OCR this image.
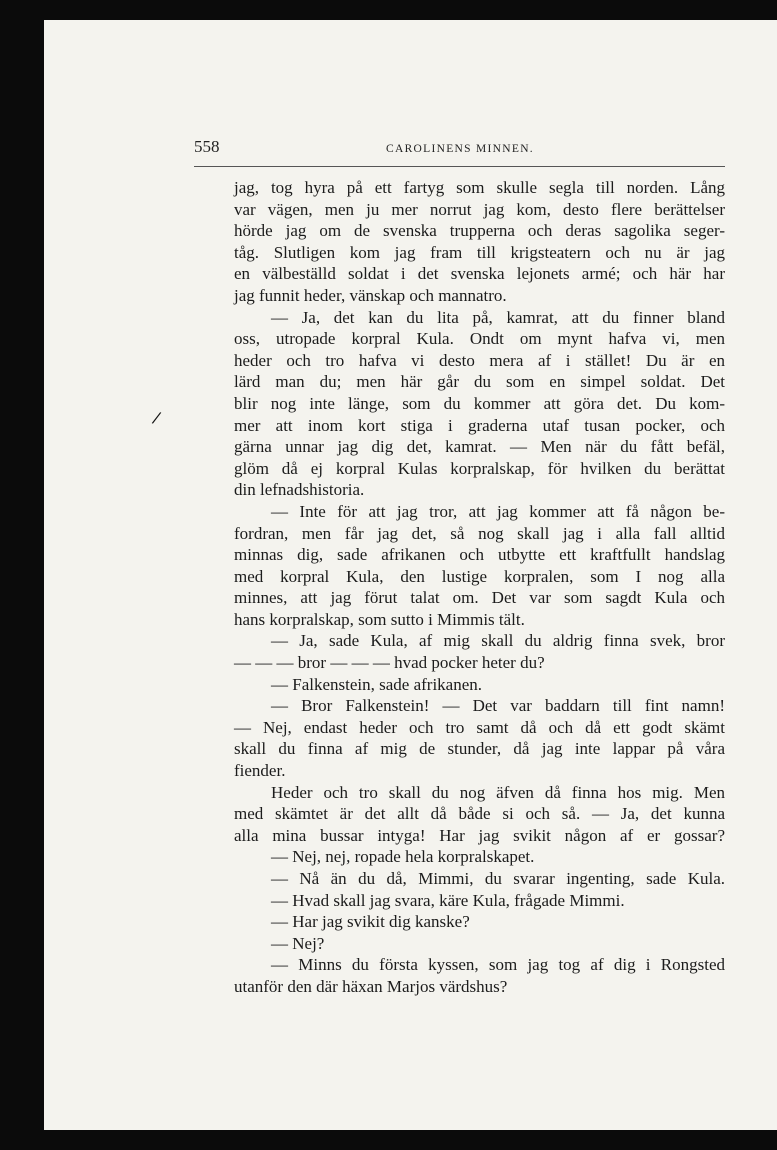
558	CAROLINENS MINNEN.
jag, tog hyra på ett fartyg som skulle segla till norden. Lång
var vägen, men ju mer norrut jag kom, desto flere berättelser
hörde jag om de svenska trupperna och deras sagolika seger-
tåg. Slutligen kom jag fram till krigsteatern och nu är jag
en välbeställd soldat i det svenska lejonets armé; och här har
jag funnit heder, vänskap och mannatro.
— Ja, det kan du lita på, kamrat, att du finner bland
oss, utropade korpral Kula. Ondt om mynt hafva vi, men
heder och tro hafva vi desto mera af i stället! Du är en
lärd man du; men här går du som en simpel soldat. Det
blir nog inte länge, som du kommer att göra det. Du kom-
mer att inom kort stiga i graderna utaf tusan pocker, och
gärna unnar jag dig det, kamrat. — Men när du fått befäl,
glöm då ej korpral Kulas korpralskap, för hvilken du berättat
din lefnadshistoria.
— Inte för att jag tror, att jag kommer att få någon be-
fordran, men får jag det, så nog skall jag i alla fall alltid
minnas dig, sade afrikanen och utbytte ett kraftfullt handslag
med korpral Kula, den lustige korpralen, som I nog alla
minnes, att jag förut talat om. Det var som sagdt Kula och
hans korpralskap, som sutto i Mimmis tält.
— Ja, sade Kula, af mig skall du aldrig finna svek, bror
— — — bror — — — hvad pocker heter du?
— Falkenstein, sade afrikanen.
— Bror Falkenstein! — Det var baddarn till fint namn!
— Nej, endast heder och tro samt då och då ett godt skämt
skall du finna af mig de stunder, då jag inte lappar på våra
fiender.
Heder och tro skall du nog äfven då finna hos mig. Men
med skämtet är det allt då både si och så. — Ja, det kunna
alla mina bussar intyga! Har jag svikit någon af er gossar?
— Nej, nej, ropade hela korpralskapet.
— Nå än du då, Mimmi, du svarar ingenting, sade Kula.
— Hvad skall jag svara, käre Kula, frågade Mimmi.
— Har jag svikit dig kanske?
— Nej?
— Minns du första kyssen, som jag tog af dig i Rongsted
utanför den där häxan Marjos värdshus?
/
